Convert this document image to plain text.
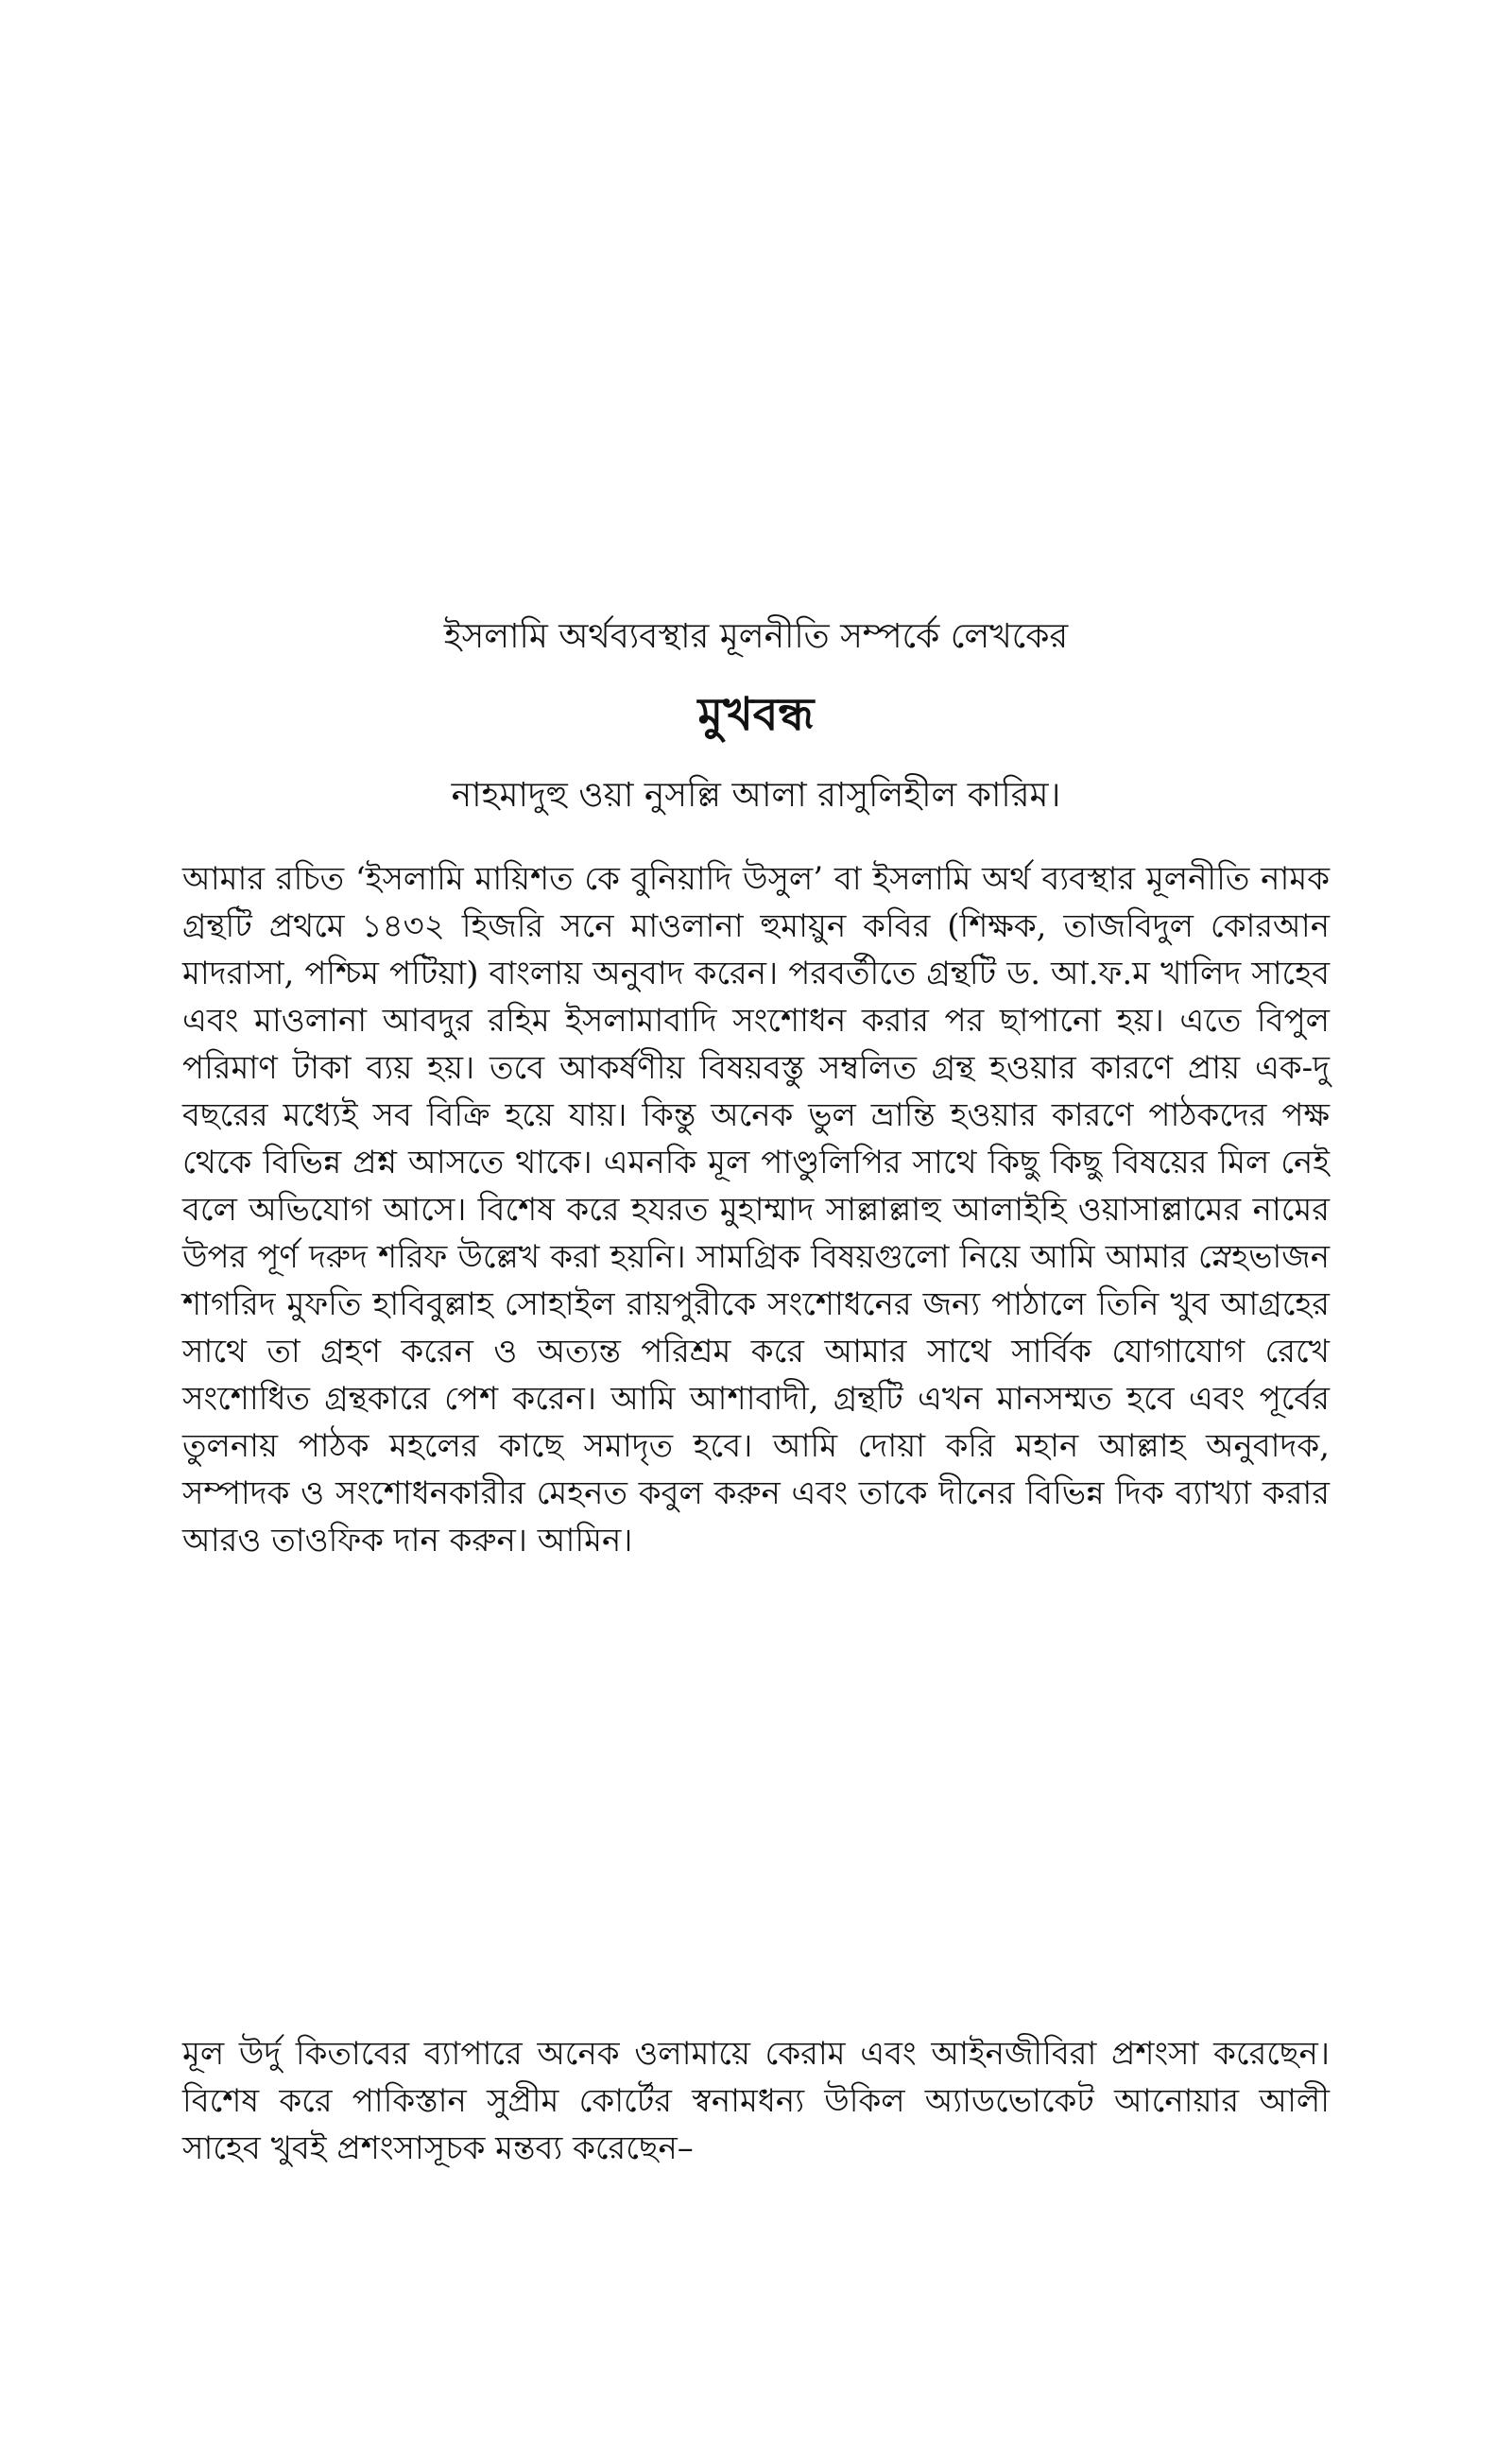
ইসলামি অর্থব্যবস্থার মূলনীতি সম্পর্কে লেখকের
মুখবন্ধ
নাহমাদুহু ওয়া নুসল্লি আলা রাসুলিহীল কারিম।

আমার রচিত ‘ইসলামি মায়িশত কে বুনিয়াদি উসুল’ বা ইসলামি অর্থ ব্যবস্থার মূলনীতি নামক গ্রন্থটি প্রথমে ১৪৩২ হিজরি সনে মাওলানা হুমায়ুন কবির (শিক্ষক, তাজবিদুল কোরআন মাদরাসা, পশ্চিম পটিয়া) বাংলায় অনুবাদ করেন। পরবর্তীতে গ্রন্থটি ড. আ.ফ.ম খালিদ সাহেব এবং মাওলানা আবদুর রহিম ইসলামাবাদি সংশোধন করার পর ছাপানো হয়। এতে বিপুল পরিমাণ টাকা ব্যয় হয়। তবে আকর্ষণীয় বিষয়বস্তু সম্বলিত গ্রন্থ হওয়ার কারণে প্রায় এক-দু বছরের মধ্যেই সব বিক্রি হয়ে যায়। কিন্তু অনেক ভুল ভ্রান্তি হওয়ার কারণে পাঠকদের পক্ষ থেকে বিভিন্ন প্রশ্ন আসতে থাকে। এমনকি মূল পাণ্ডুলিপির সাথে কিছু কিছু বিষয়ের মিল নেই বলে অভিযোগ আসে। বিশেষ করে হযরত মুহাম্মাদ সাল্লাল্লাহু আলাইহি ওয়াসাল্লামের নামের উপর পূর্ণ দরুদ শরিফ উল্লেখ করা হয়নি। সামগ্রিক বিষয়গুলো নিয়ে আমি আমার স্নেহভাজন শাগরিদ মুফতি হাবিবুল্লাহ সোহাইল রায়পুরীকে সংশোধনের জন্য পাঠালে তিনি খুব আগ্রহের সাথে তা গ্রহণ করেন ও অত্যন্ত পরিশ্রম করে আমার সাথে সার্বিক যোগাযোগ রেখে সংশোধিত গ্রন্থকারে পেশ করেন। আমি আশাবাদী, গ্রন্থটি এখন মানসম্মত হবে এবং পূর্বের তুলনায় পাঠক মহলের কাছে সমাদৃত হবে। আমি দোয়া করি মহান আল্লাহ অনুবাদক, সম্পাদক ও সংশোধনকারীর মেহনত কবুল করুন এবং তাকে দীনের বিভিন্ন দিক ব্যাখ্যা করার আরও তাওফিক দান করুন। আমিন।

মূল উর্দু কিতাবের ব্যাপারে অনেক ওলামায়ে কেরাম এবং আইনজীবিরা প্রশংসা করেছেন। বিশেষ করে পাকিস্তান সুপ্রীম কোর্টের স্বনামধন্য উকিল অ্যাডভোকেট আনোয়ার আলী সাহেব খুবই প্রশংসাসূচক মন্তব্য করেছেন–
